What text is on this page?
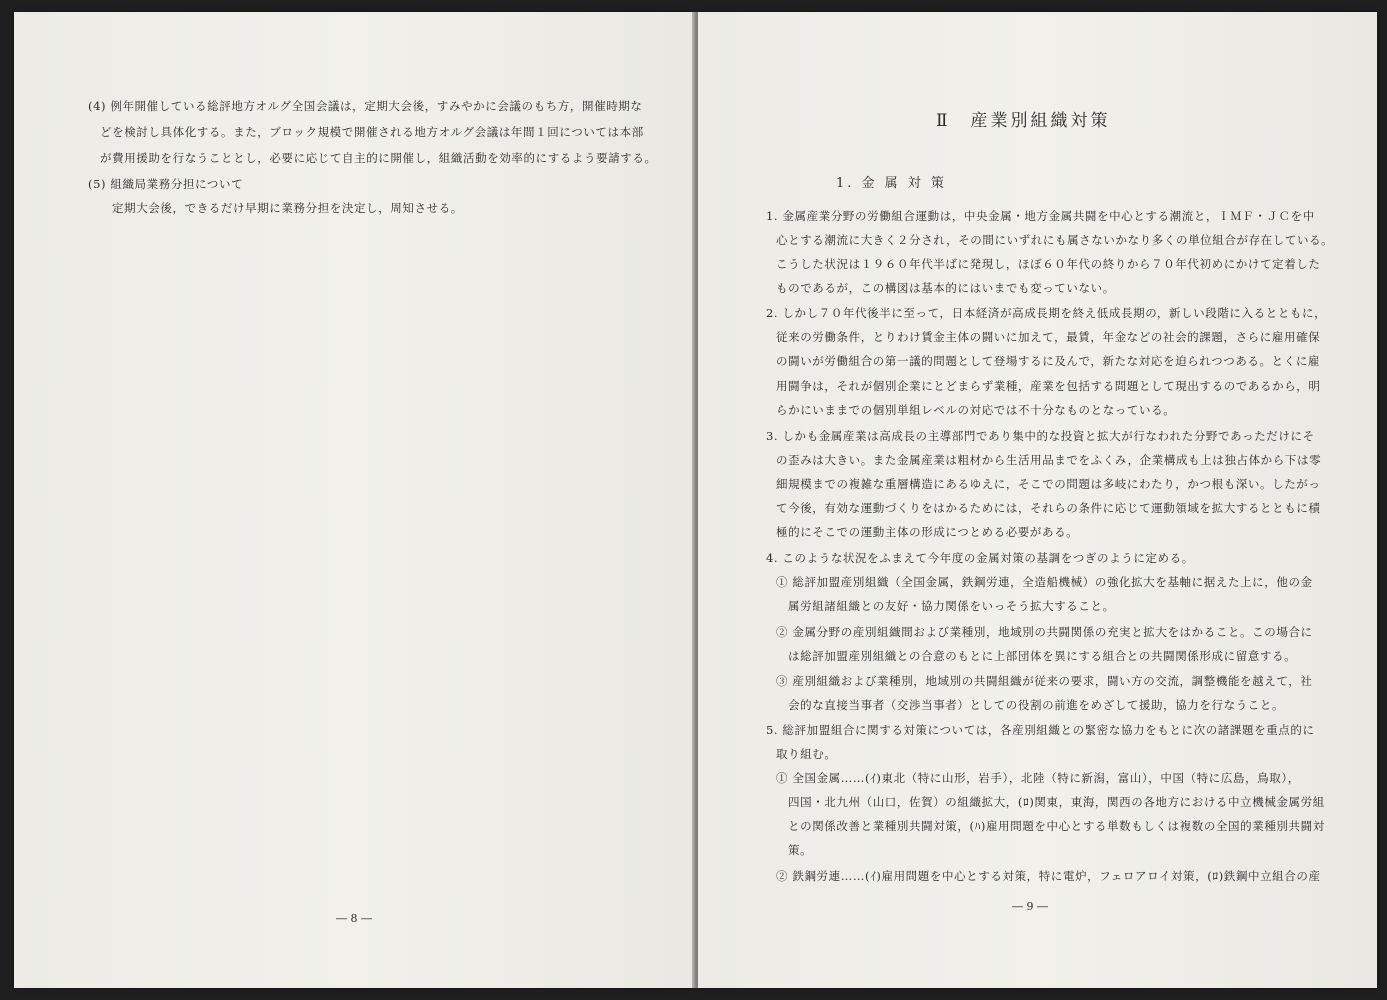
(4) 例年開催している総評地方オルグ全国会議は，定期大会後，すみやかに会議のもち方，開催時期な
どを検討し具体化する。また，ブロック規模で開催される地方オルグ会議は年間１回については本部
が費用援助を行なうこととし，必要に応じて自主的に開催し，組織活動を効率的にするよう要請する。
(5) 組織局業務分担について
定期大会後，できるだけ早期に業務分担を決定し，周知させる。
― 8 ―
Ⅱ　産業別組織対策
1. 金 属 対 策
1. 金属産業分野の労働組合運動は，中央金属・地方金属共闘を中心とする潮流と，ＩＭＦ・ＪＣを中
心とする潮流に大きく２分され，その間にいずれにも属さないかなり多くの単位組合が存在している。
こうした状況は１９６０年代半ばに発現し，ほぼ６０年代の終りから７０年代初めにかけて定着した
ものであるが，この構図は基本的にはいまでも変っていない。
2. しかし７０年代後半に至って，日本経済が高成長期を終え低成長期の，新しい段階に入るとともに，
従来の労働条件，とりわけ賃金主体の闘いに加えて，最賃，年金などの社会的課題，さらに雇用確保
の闘いが労働組合の第一議的問題として登場するに及んで，新たな対応を迫られつつある。とくに雇
用闘争は，それが個別企業にとどまらず業種，産業を包括する問題として現出するのであるから，明
らかにいままでの個別単組レベルの対応では不十分なものとなっている。
3. しかも金属産業は高成長の主導部門であり集中的な投資と拡大が行なわれた分野であっただけにそ
の歪みは大きい。また金属産業は粗材から生活用品までをふくみ，企業構成も上は独占体から下は零
細規模までの複雑な重層構造にあるゆえに，そこでの問題は多岐にわたり，かつ根も深い。したがっ
て今後，有効な運動づくりをはかるためには，それらの条件に応じて運動領域を拡大するとともに積
極的にそこでの運動主体の形成につとめる必要がある。
4. このような状況をふまえて今年度の金属対策の基調をつぎのように定める。
① 総評加盟産別組織（全国金属，鉄鋼労連，全造船機械）の強化拡大を基軸に据えた上に，他の金
属労組諸組織との友好・協力関係をいっそう拡大すること。
② 金属分野の産別組織間および業種別，地域別の共闘関係の充実と拡大をはかること。この場合に
は総評加盟産別組織との合意のもとに上部団体を異にする組合との共闘関係形成に留意する。
③ 産別組織および業種別，地域別の共闘組織が従来の要求，闘い方の交流，調整機能を越えて，社
会的な直接当事者（交渉当事者）としての役割の前進をめざして援助，協力を行なうこと。
5. 総評加盟組合に関する対策については，各産別組織との緊密な協力をもとに次の諸課題を重点的に
取り組む。
① 全国金属……(ｲ)東北（特に山形，岩手），北陸（特に新潟，富山），中国（特に広島，鳥取），
四国・北九州（山口，佐賀）の組織拡大，(ﾛ)関東，東海，関西の各地方における中立機械金属労組
との関係改善と業種別共闘対策，(ﾊ)雇用問題を中心とする単数もしくは複数の全国的業種別共闘対
策。
② 鉄鋼労連……(ｲ)雇用問題を中心とする対策，特に電炉，フェロアロイ対策，(ﾛ)鉄鋼中立組合の産
― 9 ―
